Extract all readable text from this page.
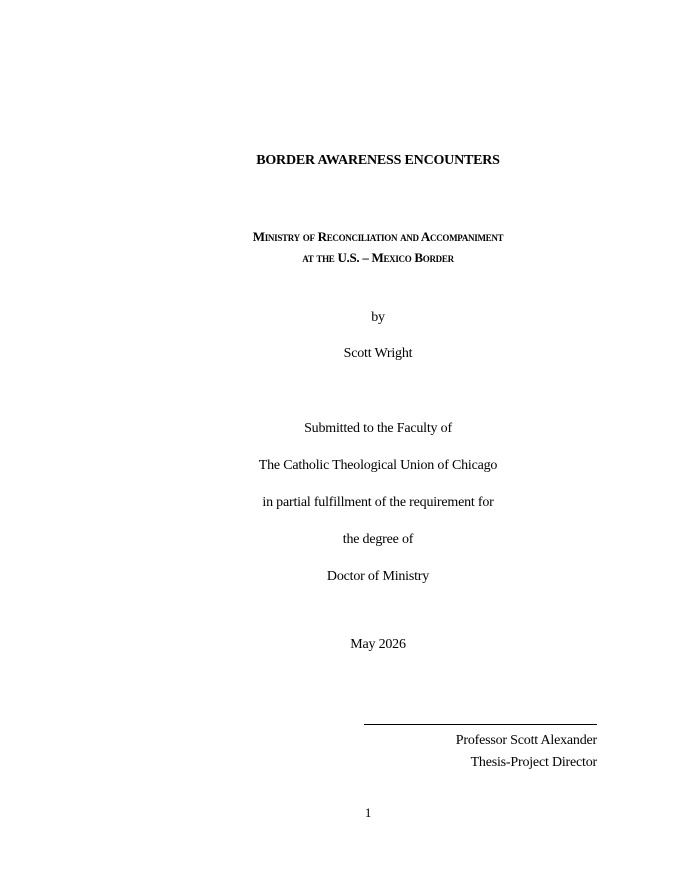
BORDER AWARENESS ENCOUNTERS
Ministry of Reconciliation and Accompaniment
at the U.S. – Mexico Border
by
Scott Wright
Submitted to the Faculty of
The Catholic Theological Union of Chicago
in partial fulfillment of the requirement for
the degree of
Doctor of Ministry
May 2026
Professor Scott Alexander
Thesis-Project Director
1
